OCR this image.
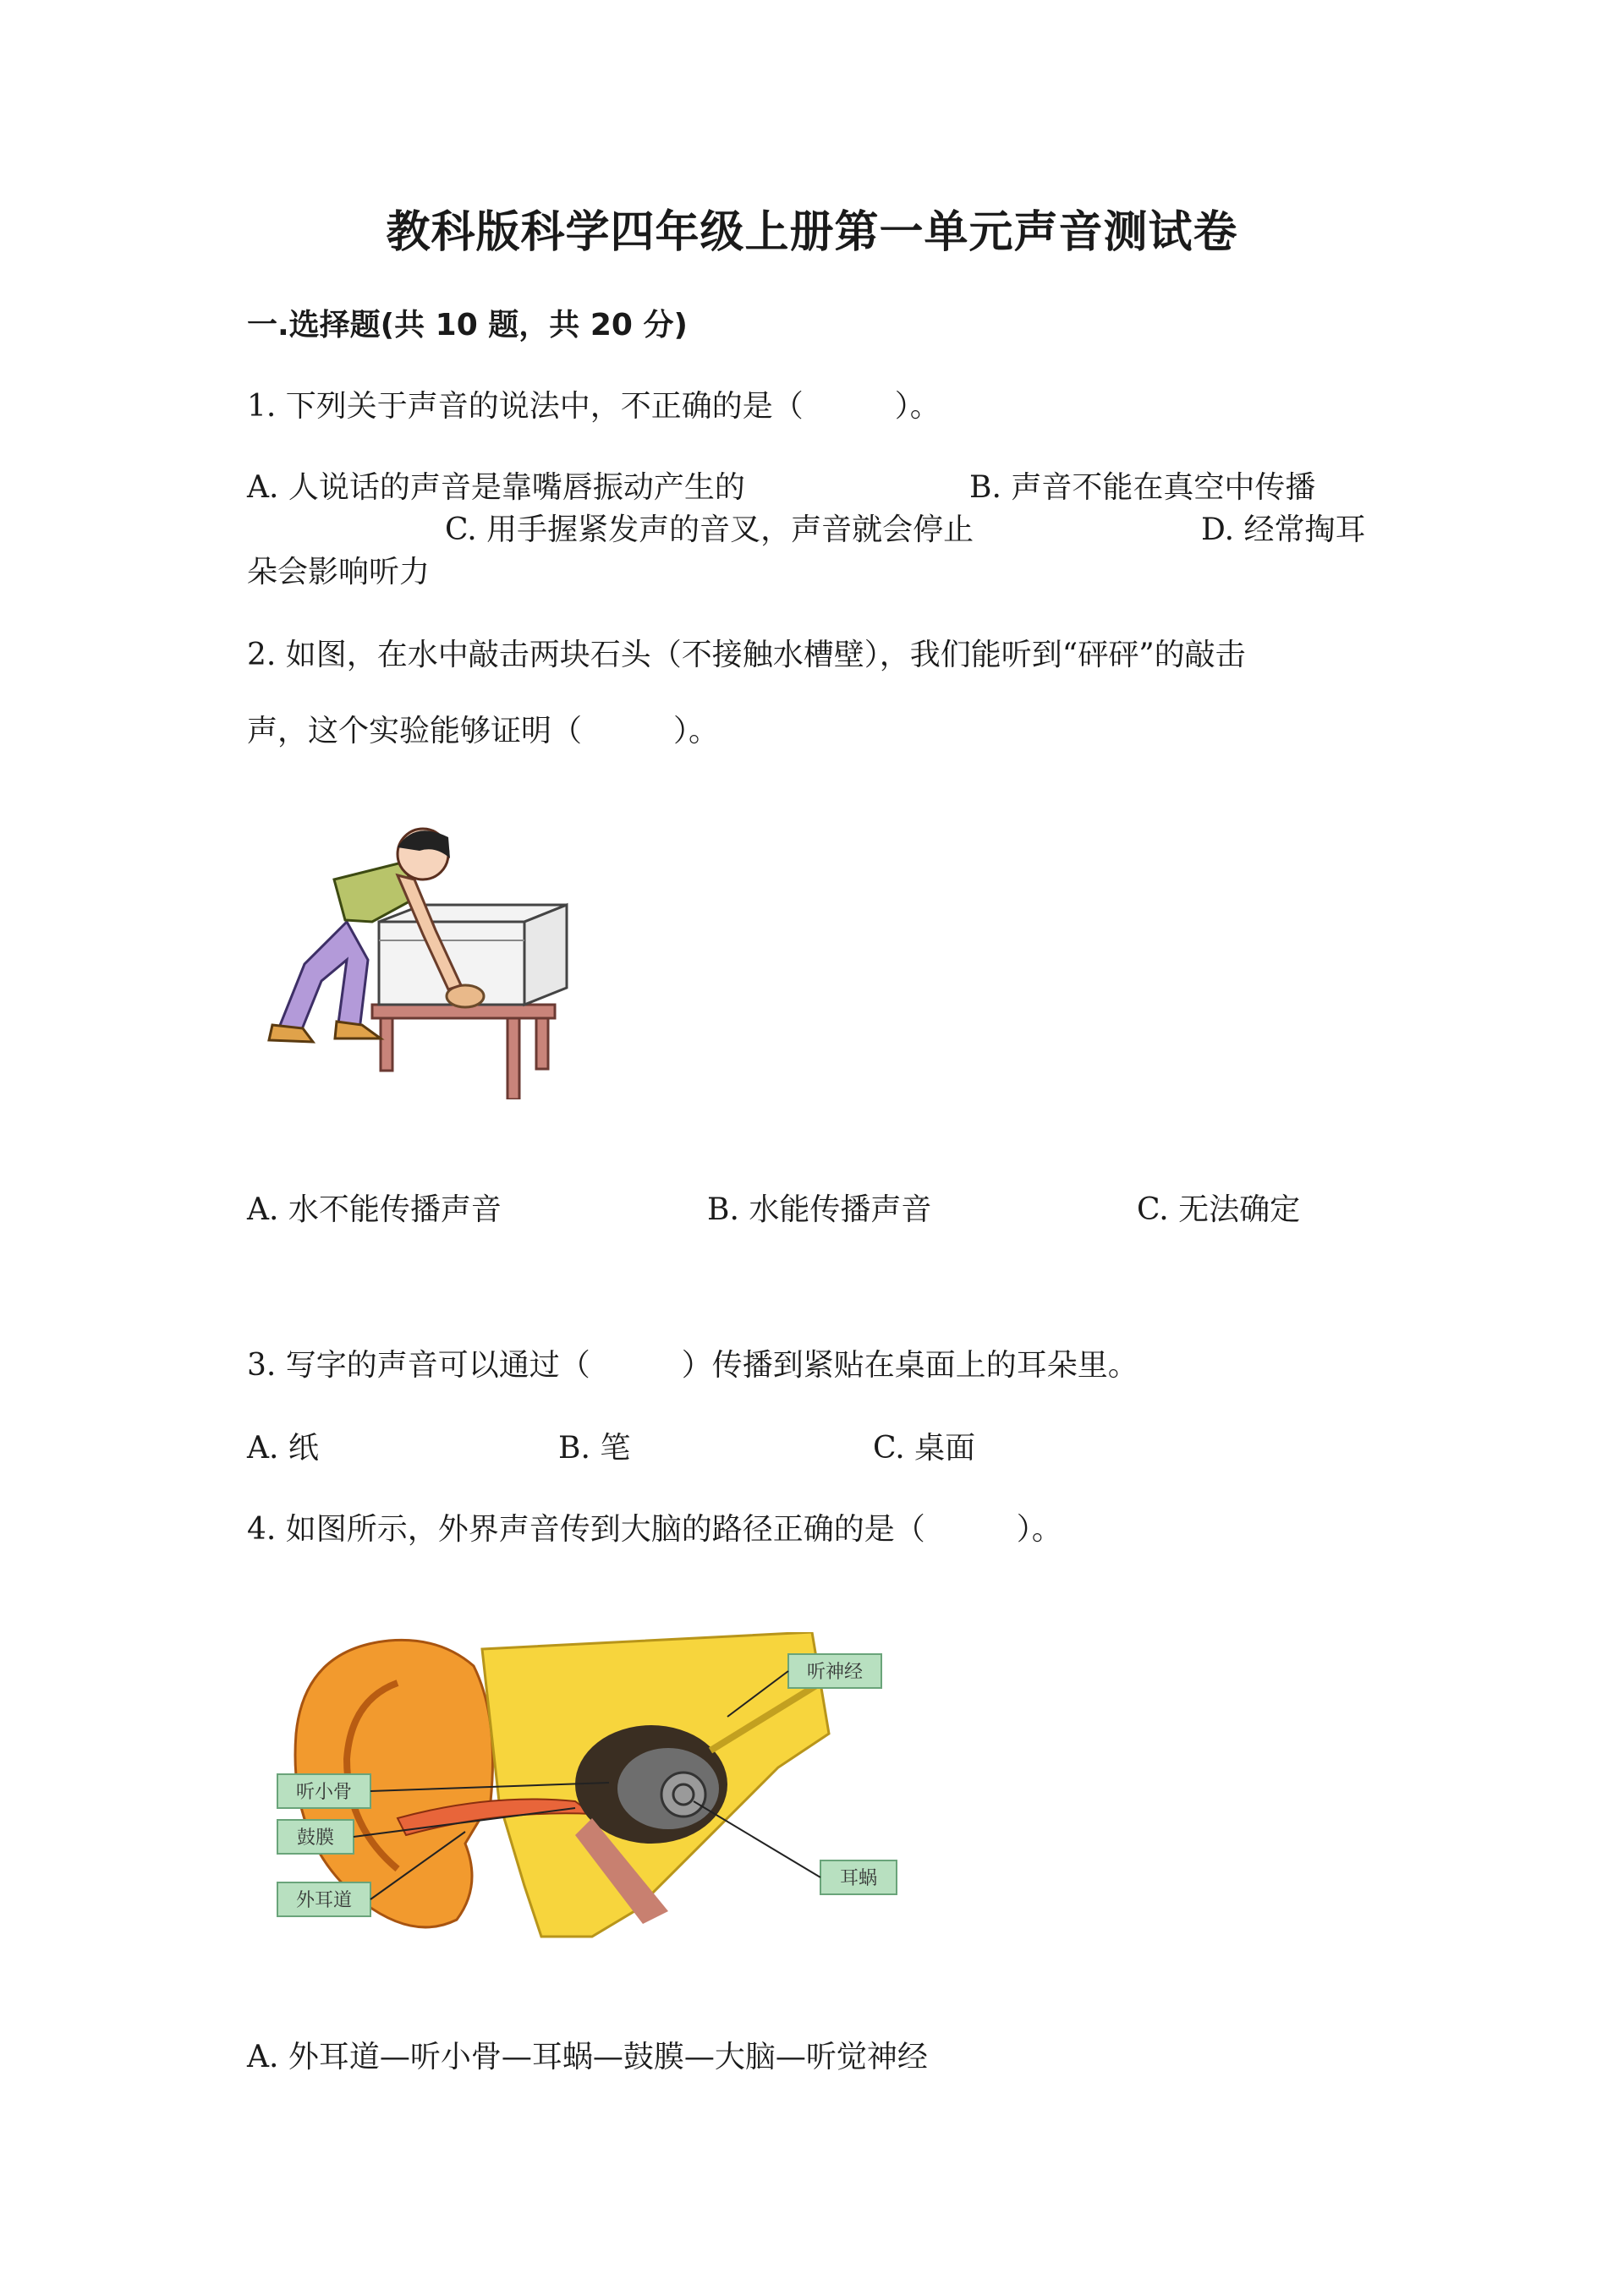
教科版科学四年级上册第一单元声音测试卷
一.选择题(共 10 题，共 20 分)
1. 下列关于声音的说法中，不正确的是（　　　）。
A. 人说话的声音是靠嘴唇振动产生的	B. 声音不能在真空中传播
C. 用手握紧发声的音叉，声音就会停止	D. 经常掏耳
朵会影响听力
2. 如图，在水中敲击两块石头（不接触水槽壁），我们能听到“砰砰”的敲击
声，这个实验能够证明（　　　）。
A. 水不能传播声音	B. 水能传播声音	C. 无法确定
3. 写字的声音可以通过（　　　）传播到紧贴在桌面上的耳朵里。
A. 纸	B. 笔	C. 桌面
4. 如图所示，外界声音传到大脑的路径正确的是（　　　）。
听神经
听小骨
鼓膜
外耳道
耳蜗
A. 外耳道—听小骨—耳蜗—鼓膜—大脑—听觉神经
